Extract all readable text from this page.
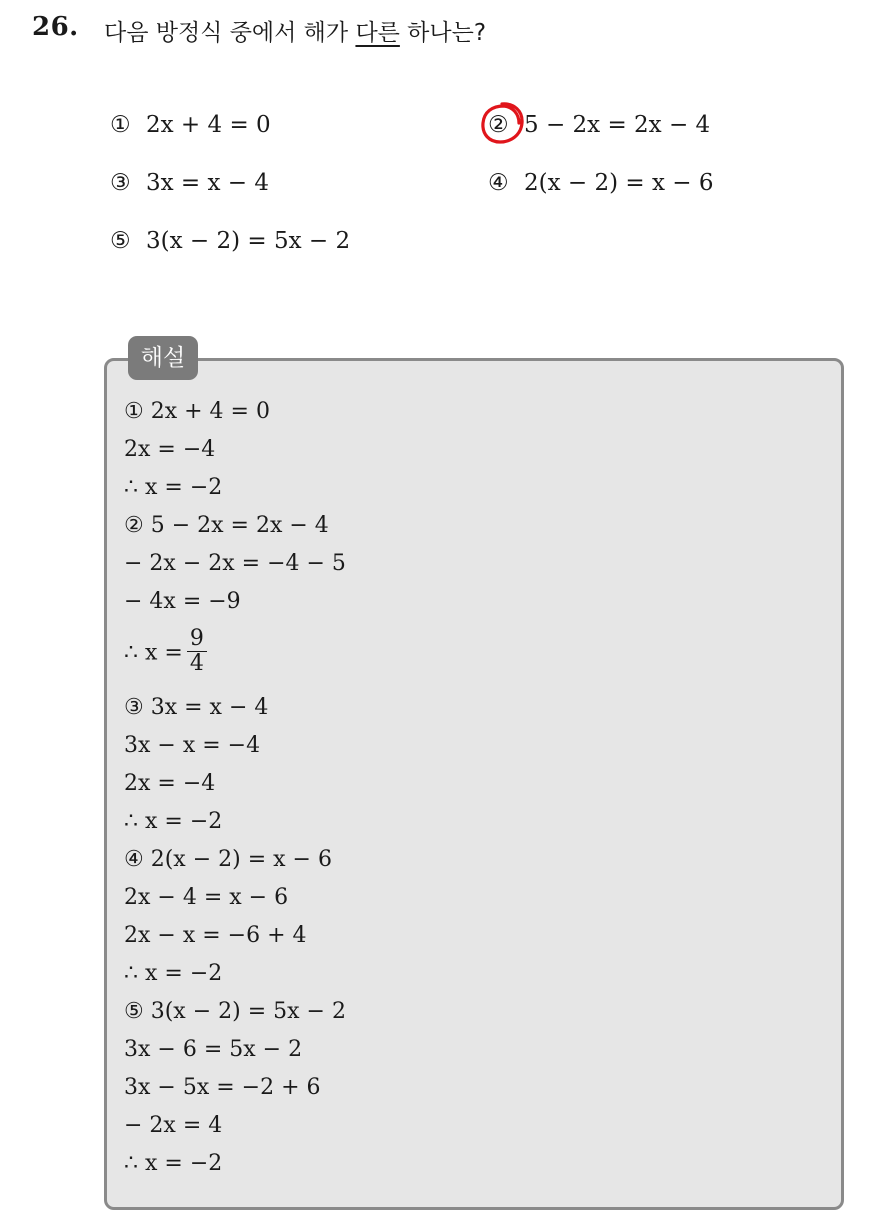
26. 다음 방정식 중에서 해가 다른 하나는?
① 2x + 4 = 0	② 5 − 2x = 2x − 4
③ 3x = x − 4	④ 2(x − 2) = x − 6
⑤ 3(x − 2) = 5x − 2
해설
① 2x + 4 = 0
2x = −4
∴ x = −2
② 5 − 2x = 2x − 4
− 2x − 2x = −4 − 5
− 4x = −9
∴ $x = \frac{9}{4}$
③ 3x = x − 4
3x − x = −4
2x = −4
∴ x = −2
④ 2(x − 2) = x − 6
2x − 4 = x − 6
2x − x = −6 + 4
∴ x = −2
⑤ 3(x − 2) = 5x − 2
3x − 6 = 5x − 2
3x − 5x = −2 + 6
− 2x = 4
∴ x = −2
